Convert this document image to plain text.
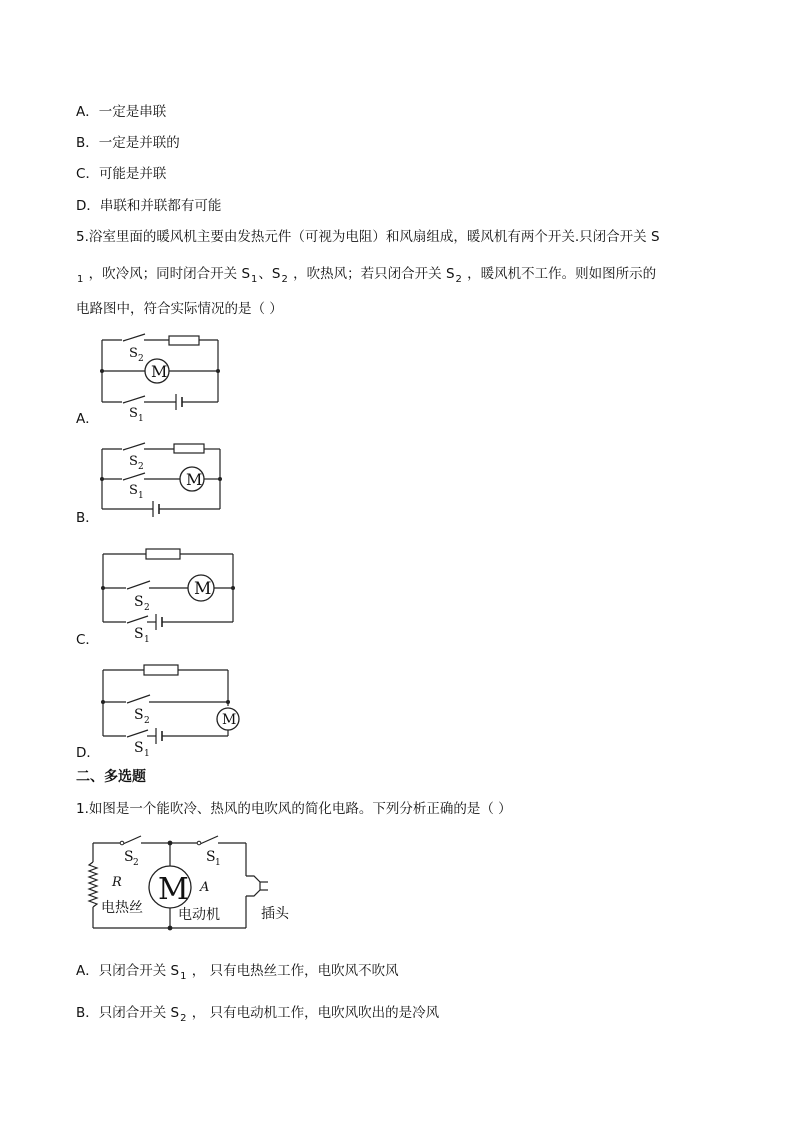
A．一定是串联
B．一定是并联的
C．可能是并联
D．串联和并联都有可能
5.浴室里面的暖风机主要由发热元件（可视为电阻）和风扇组成，暖风机有两个开关.只闭合开关 S
$_1$ ，吹冷风；同时闭合开关 $S_1$、$S_2$ ，吹热风；若只闭合开关 $S_2$ ，暖风机不工作。则如图所示的
电路图中，符合实际情况的是（ ）
A．
M
S 2
S 1
B．
M
S 2
S 1
C．
M
S 2
S 1
D．
M
S 2
S 1
二、多选题
1.如图是一个能吹冷、热风的电吹风的简化电路。下列分析正确的是（ ）
M
S 2	S 1
R	A
电热丝	电动机	插头
A．只闭合开关 $S_1$ ， 只有电热丝工作，电吹风不吹风
B．只闭合开关 $S_2$ ， 只有电动机工作，电吹风吹出的是冷风
